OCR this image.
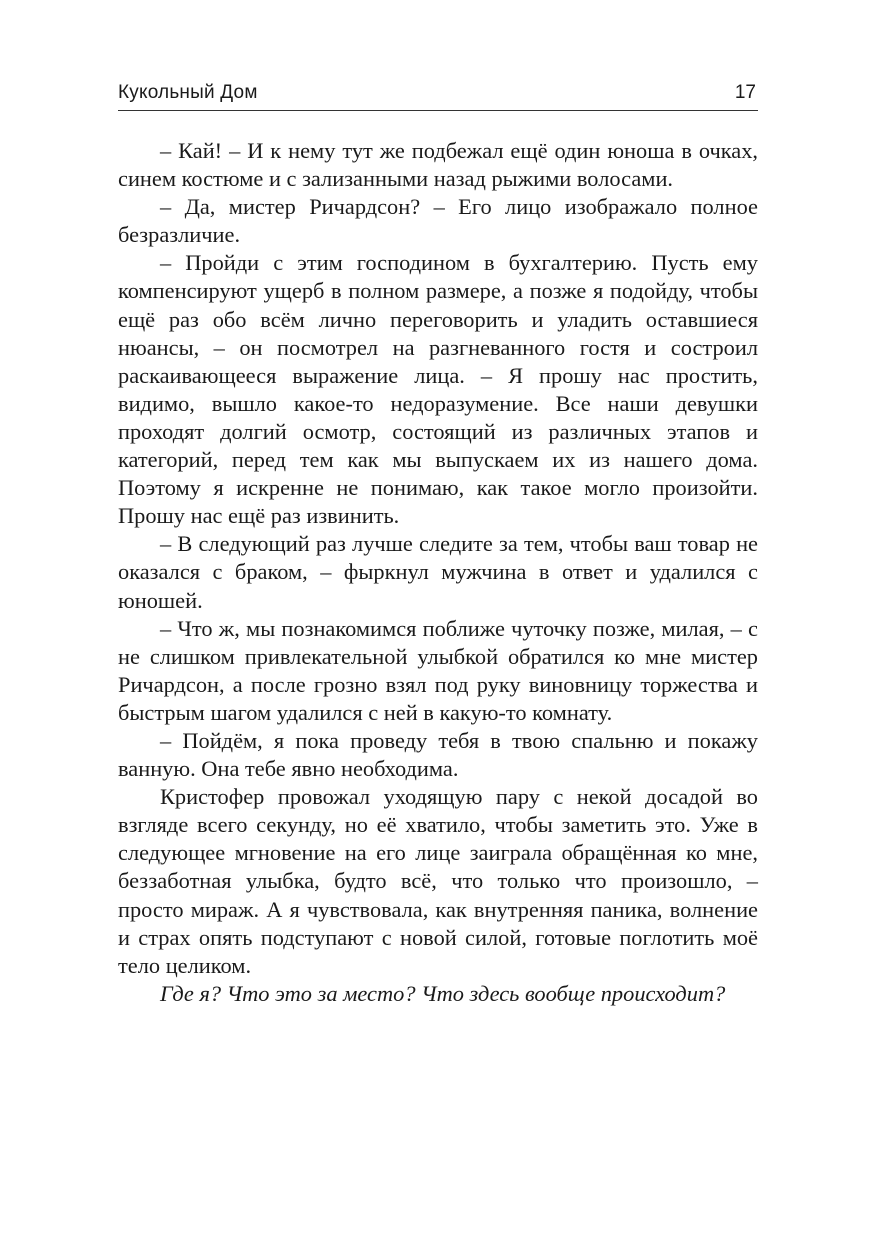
Кукольный Дом	17

– Кай! – И к нему тут же подбежал ещё один юноша в очках, синем костюме и с зализанными назад рыжими волосами.

– Да, мистер Ричардсон? – Его лицо изображало полное безразличие.

– Пройди с этим господином в бухгалтерию. Пусть ему компенсируют ущерб в полном размере, а позже я подойду, чтобы ещё раз обо всём лично переговорить и уладить оставшиеся нюансы, – он посмотрел на разгневанного гостя и состроил раскаивающееся выражение лица. – Я прошу нас простить, видимо, вышло какое-то недоразумение. Все наши девушки проходят долгий осмотр, состоящий из различных этапов и категорий, перед тем как мы выпускаем их из нашего дома. Поэтому я искренне не понимаю, как такое могло произойти. Прошу нас ещё раз извинить.

– В следующий раз лучше следите за тем, чтобы ваш товар не оказался с браком, – фыркнул мужчина в ответ и удалился с юношей.

– Что ж, мы познакомимся поближе чуточку позже, милая, – с не слишком привлекательной улыбкой обратился ко мне мистер Ричардсон, а после грозно взял под руку виновницу торжества и быстрым шагом удалился с ней в какую-то комнату.

– Пойдём, я пока проведу тебя в твою спальню и покажу ванную. Она тебе явно необходима.

Кристофер провожал уходящую пару с некой досадой во взгляде всего секунду, но её хватило, чтобы заметить это. Уже в следующее мгновение на его лице заиграла обращённая ко мне, беззаботная улыбка, будто всё, что только что произошло, – просто мираж. А я чувствовала, как внутренняя паника, волнение и страх опять подступают с новой силой, готовые поглотить моё тело целиком.

Где я? Что это за место? Что здесь вообще происходит?
